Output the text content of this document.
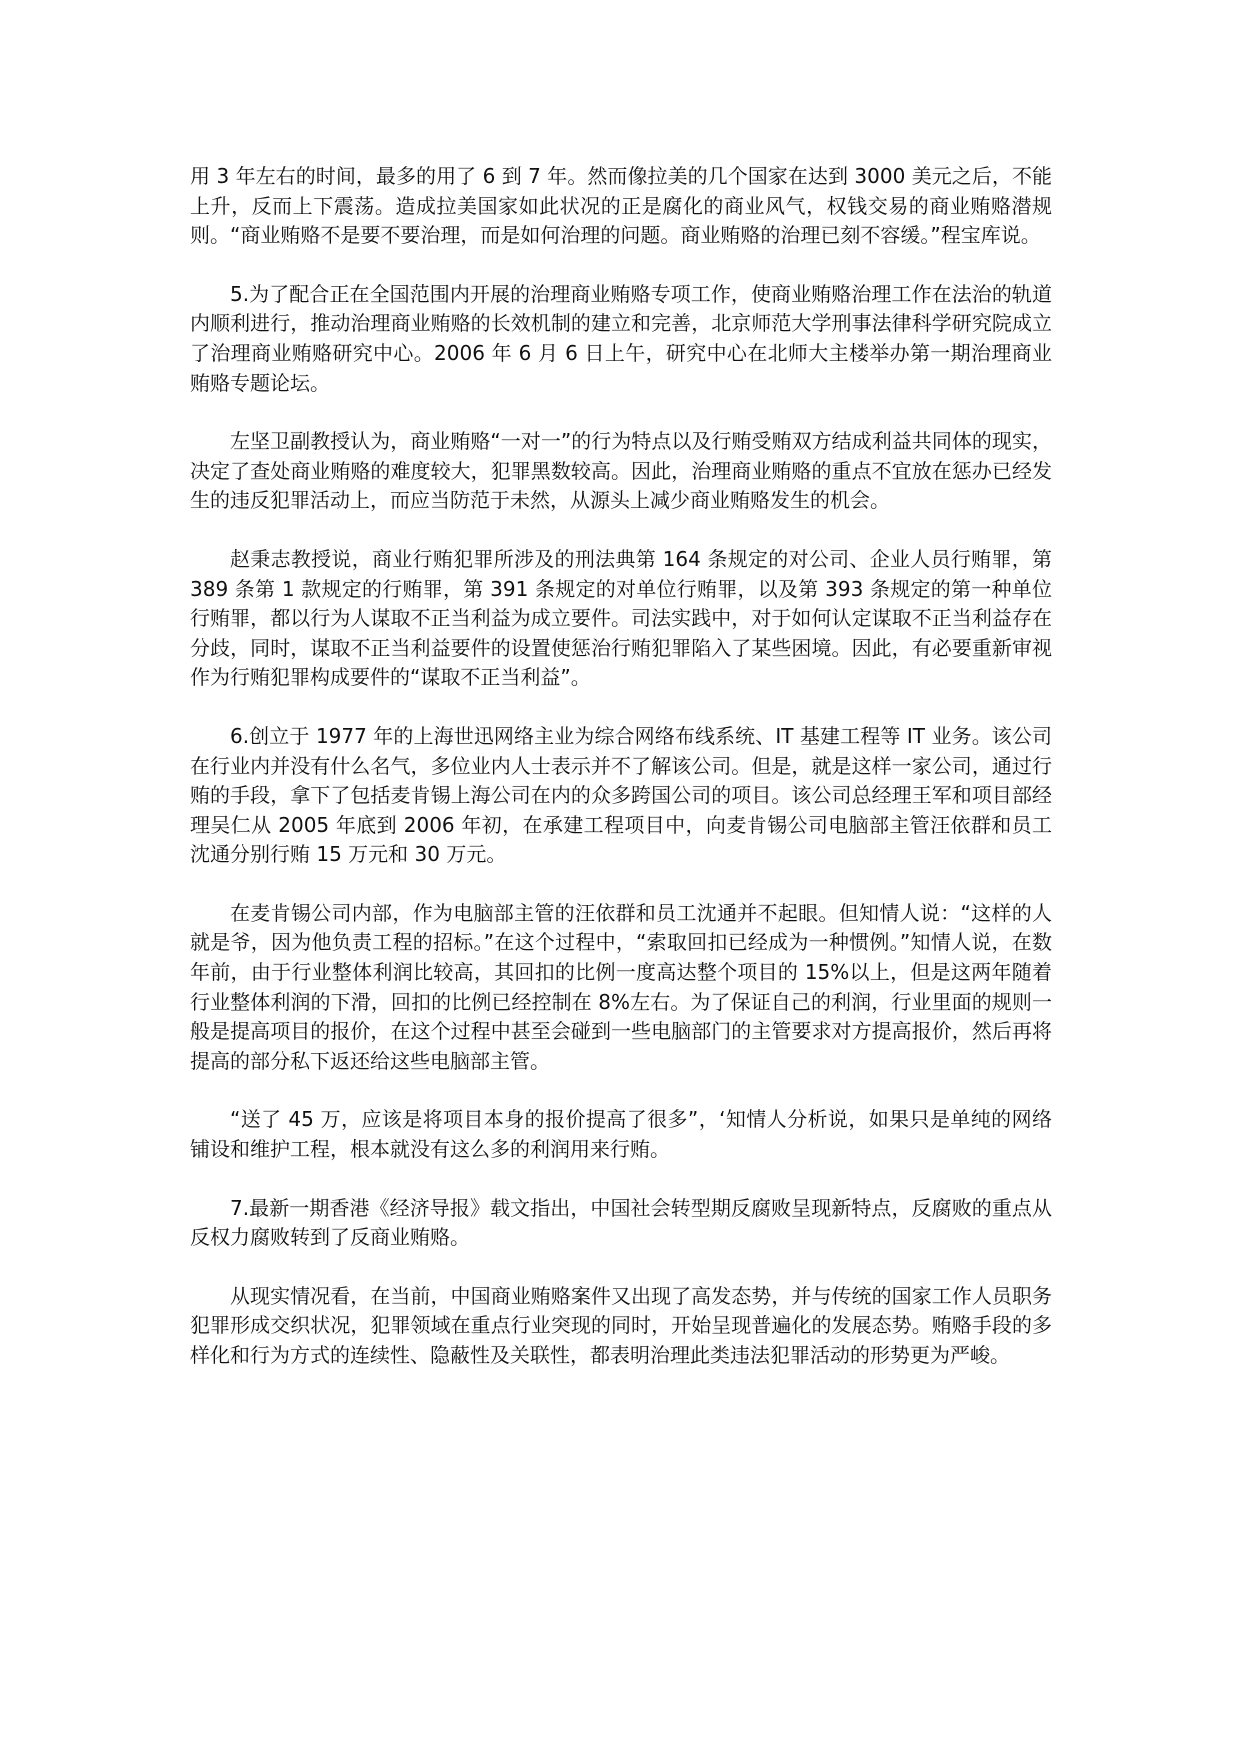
用 3 年左右的时间，最多的用了 6 到 7 年。然而像拉美的几个国家在达到 3000 美元之后，不能上升，反而上下震荡。造成拉美国家如此状况的正是腐化的商业风气，权钱交易的商业贿赂潜规则。“商业贿赂不是要不要治理，而是如何治理的问题。商业贿赂的治理已刻不容缓。”程宝库说。

5.为了配合正在全国范围内开展的治理商业贿赂专项工作，使商业贿赂治理工作在法治的轨道内顺利进行，推动治理商业贿赂的长效机制的建立和完善，北京师范大学刑事法律科学研究院成立了治理商业贿赂研究中心。2006 年 6 月 6 日上午，研究中心在北师大主楼举办第一期治理商业贿赂专题论坛。

左坚卫副教授认为，商业贿赂“一对一”的行为特点以及行贿受贿双方结成利益共同体的现实，决定了查处商业贿赂的难度较大，犯罪黑数较高。因此，治理商业贿赂的重点不宜放在惩办已经发生的违反犯罪活动上，而应当防范于未然，从源头上减少商业贿赂发生的机会。

赵秉志教授说，商业行贿犯罪所涉及的刑法典第 164 条规定的对公司、企业人员行贿罪，第 389 条第 1 款规定的行贿罪，第 391 条规定的对单位行贿罪，以及第 393 条规定的第一种单位行贿罪，都以行为人谋取不正当利益为成立要件。司法实践中，对于如何认定谋取不正当利益存在分歧，同时，谋取不正当利益要件的设置使惩治行贿犯罪陷入了某些困境。因此，有必要重新审视作为行贿犯罪构成要件的“谋取不正当利益”。

6.创立于 1977 年的上海世迅网络主业为综合网络布线系统、IT 基建工程等 IT 业务。该公司在行业内并没有什么名气，多位业内人士表示并不了解该公司。但是，就是这样一家公司，通过行贿的手段，拿下了包括麦肯锡上海公司在内的众多跨国公司的项目。该公司总经理王军和项目部经理吴仁从 2005 年底到 2006 年初，在承建工程项目中，向麦肯锡公司电脑部主管汪依群和员工沈通分别行贿 15 万元和 30 万元。

在麦肯锡公司内部，作为电脑部主管的汪依群和员工沈通并不起眼。但知情人说：“这样的人就是爷，因为他负责工程的招标。”在这个过程中，“索取回扣已经成为一种惯例。”知情人说，在数年前，由于行业整体利润比较高，其回扣的比例一度高达整个项目的 15%以上，但是这两年随着行业整体利润的下滑，回扣的比例已经控制在 8%左右。为了保证自己的利润，行业里面的规则一般是提高项目的报价，在这个过程中甚至会碰到一些电脑部门的主管要求对方提高报价，然后再将提高的部分私下返还给这些电脑部主管。

“送了 45 万，应该是将项目本身的报价提高了很多”，‘知情人分析说，如果只是单纯的网络铺设和维护工程，根本就没有这么多的利润用来行贿。

7.最新一期香港《经济导报》载文指出，中国社会转型期反腐败呈现新特点，反腐败的重点从反权力腐败转到了反商业贿赂。

从现实情况看，在当前，中国商业贿赂案件又出现了高发态势，并与传统的国家工作人员职务犯罪形成交织状况，犯罪领域在重点行业突现的同时，开始呈现普遍化的发展态势。贿赂手段的多样化和行为方式的连续性、隐蔽性及关联性，都表明治理此类违法犯罪活动的形势更为严峻。
